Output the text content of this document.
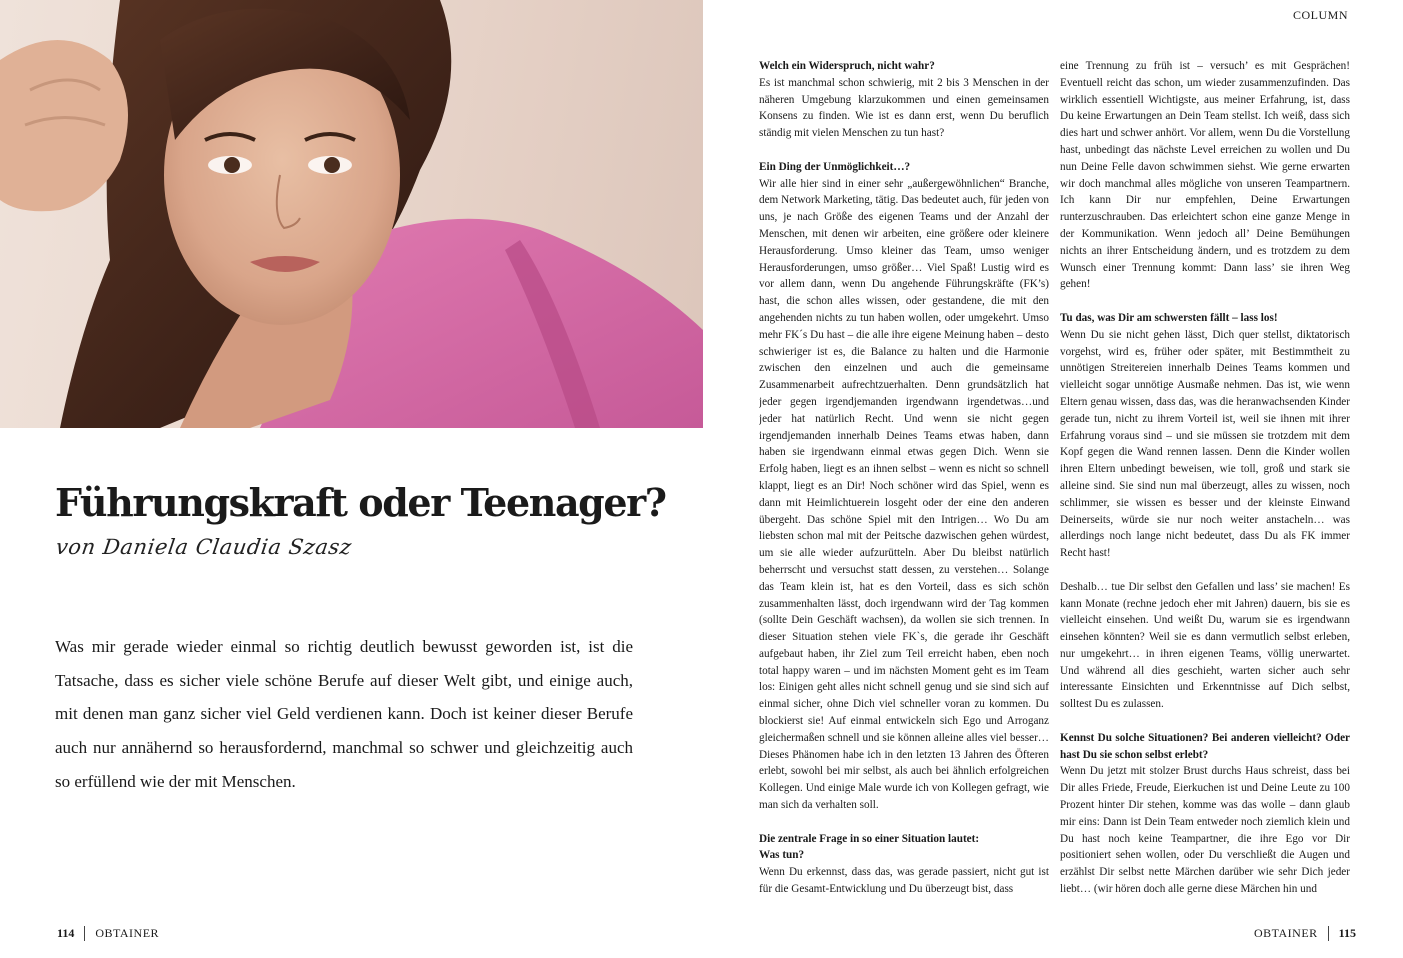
Führungskraft oder Teenager?
von Daniela Claudia Szasz

Was mir gerade wieder einmal so richtig deutlich bewusst geworden ist, ist die Tatsache, dass es sicher viele schöne Berufe auf dieser Welt gibt, und einige auch, mit denen man ganz sicher viel Geld verdienen kann. Doch ist keiner dieser Berufe auch nur annähernd so herausfordernd, manchmal so schwer und gleichzeitig auch so erfüllend wie der mit Menschen.

114 OBTAINER
COLUMN
Welch ein Widerspruch, nicht wahr?

Es ist manchmal schon schwierig, mit 2 bis 3 Menschen in der näheren Umgebung klarzukommen und einen gemeinsamen Konsens zu finden. Wie ist es dann erst, wenn Du beruflich ständig mit vielen Menschen zu tun hast?

Ein Ding der Unmöglichkeit…?

Wir alle hier sind in einer sehr „außergewöhnlichen“ Branche, dem Network Marketing, tätig. Das bedeutet auch, für jeden von uns, je nach Größe des eigenen Teams und der Anzahl der Menschen, mit denen wir arbeiten, eine größere oder kleinere Herausforderung. Umso kleiner das Team, umso weniger Herausforderungen, umso größer… Viel Spaß! Lustig wird es vor allem dann, wenn Du angehende Führungskräfte (FK’s) hast, die schon alles wissen, oder gestandene, die mit den angehenden nichts zu tun haben wollen, oder umgekehrt. Umso mehr FK´s Du hast – die alle ihre eigene Meinung haben – desto schwieriger ist es, die Balance zu halten und die Harmonie zwischen den einzelnen und auch die gemeinsame Zusammenarbeit aufrechtzuerhalten. Denn grundsätzlich hat jeder gegen irgendjemanden irgendwann irgendetwas…und jeder hat natürlich Recht. Und wenn sie nicht gegen irgendjemanden innerhalb Deines Teams etwas haben, dann haben sie irgendwann einmal etwas gegen Dich. Wenn sie Erfolg haben, liegt es an ihnen selbst – wenn es nicht so schnell klappt, liegt es an Dir! Noch schöner wird das Spiel, wenn es dann mit Heimlichtuerein losgeht oder der eine den anderen übergeht. Das schöne Spiel mit den Intrigen… Wo Du am liebsten schon mal mit der Peitsche dazwischen gehen würdest, um sie alle wieder aufzurütteln. Aber Du bleibst natürlich beherrscht und versuchst statt dessen, zu verstehen… Solange das Team klein ist, hat es den Vorteil, dass es sich schön zusammenhalten lässt, doch irgendwann wird der Tag kommen (sollte Dein Geschäft wachsen), da wollen sie sich trennen. In dieser Situation stehen viele FK`s, die gerade ihr Geschäft aufgebaut haben, ihr Ziel zum Teil erreicht haben, eben noch total happy waren – und im nächsten Moment geht es im Team los: Einigen geht alles nicht schnell genug und sie sind sich auf einmal sicher, ohne Dich viel schneller voran zu kommen. Du blockierst sie! Auf einmal entwickeln sich Ego und Arroganz gleichermaßen schnell und sie können alleine alles viel besser… Dieses Phänomen habe ich in den letzten 13 Jahren des Öfteren erlebt, sowohl bei mir selbst, als auch bei ähnlich erfolgreichen Kollegen. Und einige Male wurde ich von Kollegen gefragt, wie man sich da verhalten soll.

Die zentrale Frage in so einer Situation lautet:
Was tun?

Wenn Du erkennst, dass das, was gerade passiert, nicht gut ist für die Gesamt-Entwicklung und Du überzeugt bist, dass

eine Trennung zu früh ist – versuch’ es mit Gesprächen! Eventuell reicht das schon, um wieder zusammenzufinden. Das wirklich essentiell Wichtigste, aus meiner Erfahrung, ist, dass Du keine Erwartungen an Dein Team stellst. Ich weiß, dass sich dies hart und schwer anhört. Vor allem, wenn Du die Vorstellung hast, unbedingt das nächste Level erreichen zu wollen und Du nun Deine Felle davon schwimmen siehst. Wie gerne erwarten wir doch manchmal alles mögliche von unseren Teampartnern. Ich kann Dir nur empfehlen, Deine Erwartungen runterzuschrauben. Das erleichtert schon eine ganze Menge in der Kommunikation. Wenn jedoch all’ Deine Bemühungen nichts an ihrer Entscheidung ändern, und es trotzdem zu dem Wunsch einer Trennung kommt: Dann lass’ sie ihren Weg gehen!

Tu das, was Dir am schwersten fällt – lass los!

Wenn Du sie nicht gehen lässt, Dich quer stellst, diktatorisch vorgehst, wird es, früher oder später, mit Bestimmtheit zu unnötigen Streitereien innerhalb Deines Teams kommen und vielleicht sogar unnötige Ausmaße nehmen. Das ist, wie wenn Eltern genau wissen, dass das, was die heranwachsenden Kinder gerade tun, nicht zu ihrem Vorteil ist, weil sie ihnen mit ihrer Erfahrung voraus sind – und sie müssen sie trotzdem mit dem Kopf gegen die Wand rennen lassen. Denn die Kinder wollen ihren Eltern unbedingt beweisen, wie toll, groß und stark sie alleine sind. Sie sind nun mal überzeugt, alles zu wissen, noch schlimmer, sie wissen es besser und der kleinste Einwand Deinerseits, würde sie nur noch weiter anstacheln… was allerdings noch lange nicht bedeutet, dass Du als FK immer Recht hast!

Deshalb… tue Dir selbst den Gefallen und lass’ sie machen! Es kann Monate (rechne jedoch eher mit Jahren) dauern, bis sie es vielleicht einsehen. Und weißt Du, warum sie es irgendwann einsehen könnten? Weil sie es dann vermutlich selbst erleben, nur umgekehrt… in ihren eigenen Teams, völlig unerwartet. Und während all dies geschieht, warten sicher auch sehr interessante Einsichten und Erkenntnisse auf Dich selbst, solltest Du es zulassen.

Kennst Du solche Situationen? Bei anderen vielleicht? Oder hast Du sie schon selbst erlebt?

Wenn Du jetzt mit stolzer Brust durchs Haus schreist, dass bei Dir alles Friede, Freude, Eierkuchen ist und Deine Leute zu 100 Prozent hinter Dir stehen, komme was das wolle – dann glaub mir eins: Dann ist Dein Team entweder noch ziemlich klein und Du hast noch keine Teampartner, die ihre Ego vor Dir positioniert sehen wollen, oder Du verschließt die Augen und erzählst Dir selbst nette Märchen darüber wie sehr Dich jeder liebt… (wir hören doch alle gerne diese Märchen hin und

OBTAINER 115
